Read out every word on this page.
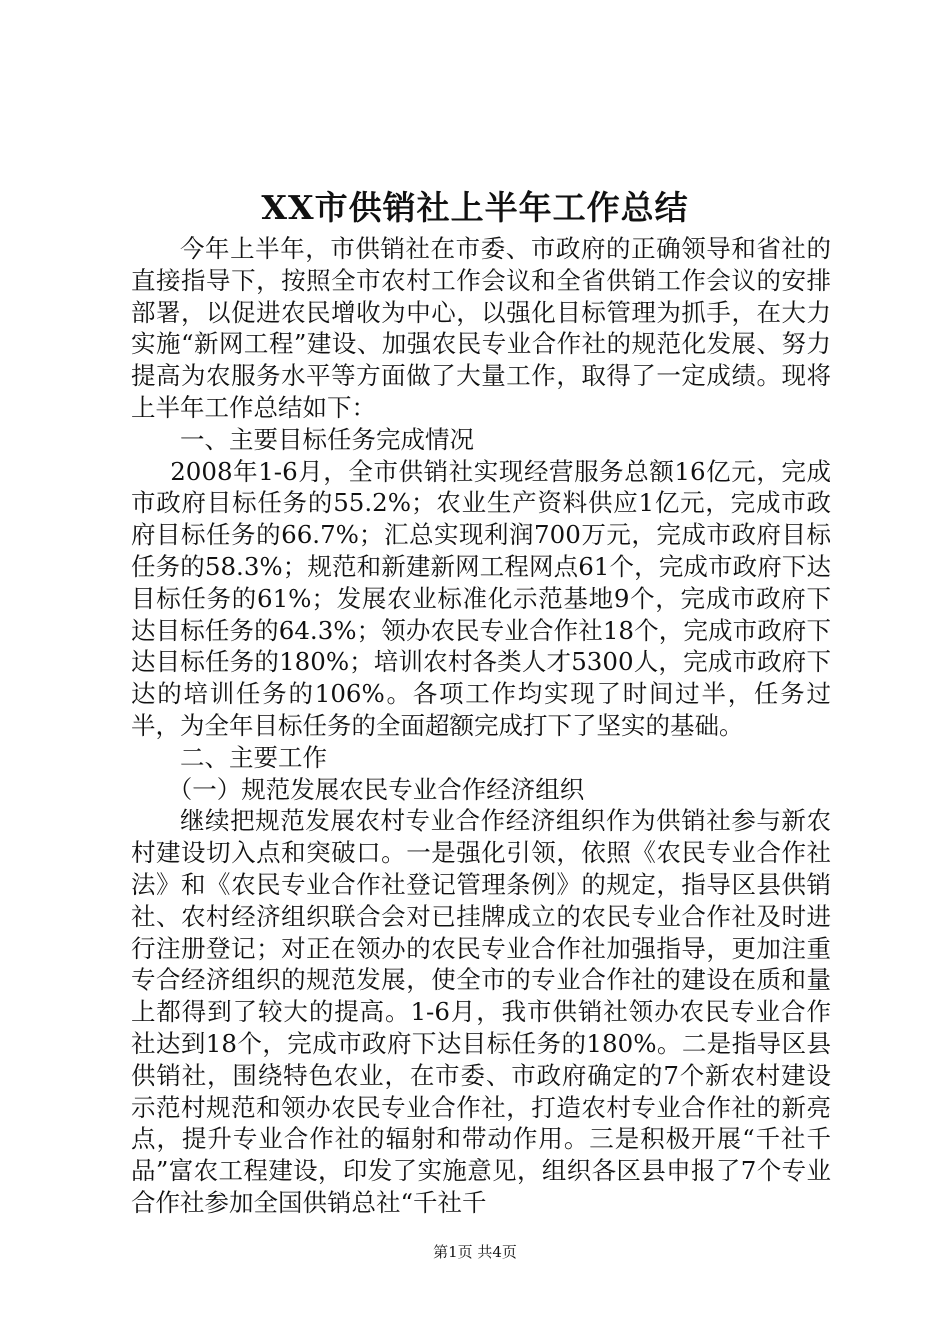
XX市供销社上半年工作总结

今年上半年，市供销社在市委、市政府的正确领导和省社的直接指导下，按照全市农村工作会议和全省供销工作会议的安排部署，以促进农民增收为中心，以强化目标管理为抓手，在大力实施“新网工程”建设、加强农民专业合作社的规范化发展、努力提高为农服务水平等方面做了大量工作，取得了一定成绩。现将上半年工作总结如下：

一、主要目标任务完成情况

2008年1-6月，全市供销社实现经营服务总额16亿元，完成市政府目标任务的55.2%；农业生产资料供应1亿元，完成市政府目标任务的66.7%；汇总实现利润700万元，完成市政府目标任务的58.3%；规范和新建新网工程网点61个，完成市政府下达目标任务的61%；发展农业标准化示范基地9个，完成市政府下达目标任务的64.3%；领办农民专业合作社18个，完成市政府下达目标任务的180%；培训农村各类人才5300人，完成市政府下达的培训任务的106%。各项工作均实现了时间过半，任务过半，为全年目标任务的全面超额完成打下了坚实的基础。

二、主要工作

（一）规范发展农民专业合作经济组织

继续把规范发展农村专业合作经济组织作为供销社参与新农村建设切入点和突破口。一是强化引领，依照《农民专业合作社法》和《农民专业合作社登记管理条例》的规定，指导区县供销社、农村经济组织联合会对已挂牌成立的农民专业合作社及时进行注册登记；对正在领办的农民专业合作社加强指导，更加注重专合经济组织的规范发展，使全市的专业合作社的建设在质和量上都得到了较大的提高。1-6月，我市供销社领办农民专业合作社达到18个，完成市政府下达目标任务的180%。二是指导区县供销社，围绕特色农业，在市委、市政府确定的7个新农村建设示范村规范和领办农民专业合作社，打造农村专业合作社的新亮点，提升专业合作社的辐射和带动作用。三是积极开展“千社千品”富农工程建设，印发了实施意见，组织各区县申报了7个专业合作社参加全国供销总社“千社千

第1页 共4页
